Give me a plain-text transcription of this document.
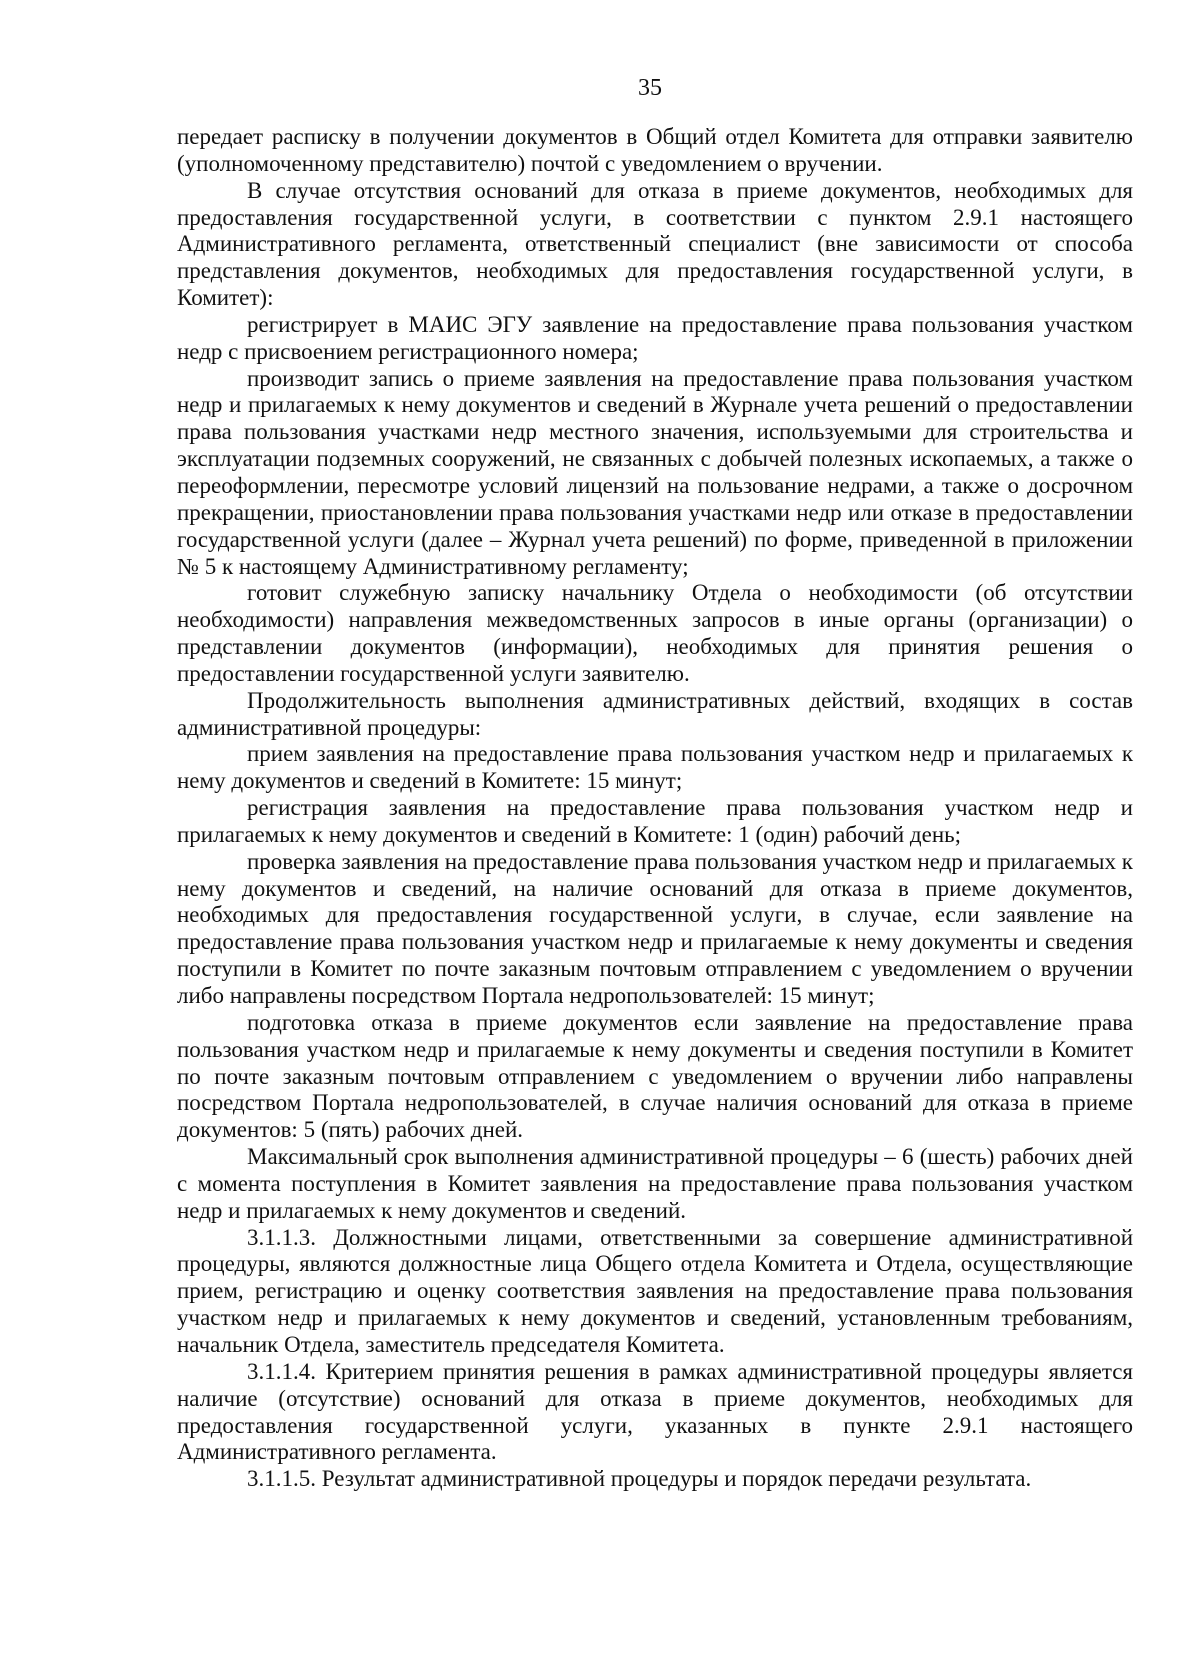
35

передает расписку в получении документов в Общий отдел Комитета для отправки заявителю (уполномоченному представителю) почтой с уведомлением о вручении.

В случае отсутствия оснований для отказа в приеме документов, необходимых для предоставления государственной услуги, в соответствии с пунктом 2.9.1 настоящего Административного регламента, ответственный специалист (вне зависимости от способа представления документов, необходимых для предоставления государственной услуги, в Комитет):

регистрирует в МАИС ЭГУ заявление на предоставление права пользования участком недр с присвоением регистрационного номера;

производит запись о приеме заявления на предоставление права пользования участком недр и прилагаемых к нему документов и сведений в Журнале учета решений о предоставлении права пользования участками недр местного значения, используемыми для строительства и эксплуатации подземных сооружений, не связанных с добычей полезных ископаемых, а также о переоформлении, пересмотре условий лицензий на пользование недрами, а также о досрочном прекращении, приостановлении права пользования участками недр или отказе в предоставлении государственной услуги (далее – Журнал учета решений) по форме, приведенной в приложении № 5 к настоящему Административному регламенту;

готовит служебную записку начальнику Отдела о необходимости (об отсутствии необходимости) направления межведомственных запросов в иные органы (организации) о представлении документов (информации), необходимых для принятия решения о предоставлении государственной услуги заявителю.

Продолжительность выполнения административных действий, входящих в состав административной процедуры:

прием заявления на предоставление права пользования участком недр и прилагаемых к нему документов и сведений в Комитете: 15 минут;

регистрация заявления на предоставление права пользования участком недр и прилагаемых к нему документов и сведений в Комитете: 1 (один) рабочий день;

проверка заявления на предоставление права пользования участком недр и прилагаемых к нему документов и сведений, на наличие оснований для отказа в приеме документов, необходимых для предоставления государственной услуги, в случае, если заявление на предоставление права пользования участком недр и прилагаемые к нему документы и сведения поступили в Комитет по почте заказным почтовым отправлением с уведомлением о вручении либо направлены посредством Портала недропользователей: 15 минут;

подготовка отказа в приеме документов если заявление на предоставление права пользования участком недр и прилагаемые к нему документы и сведения поступили в Комитет по почте заказным почтовым отправлением с уведомлением о вручении либо направлены посредством Портала недропользователей, в случае наличия оснований для отказа в приеме документов: 5 (пять) рабочих дней.

Максимальный срок выполнения административной процедуры – 6 (шесть) рабочих дней с момента поступления в Комитет заявления на предоставление права пользования участком недр и прилагаемых к нему документов и сведений.

3.1.1.3. Должностными лицами, ответственными за совершение административной процедуры, являются должностные лица Общего отдела Комитета и Отдела, осуществляющие прием, регистрацию и оценку соответствия заявления на предоставление права пользования участком недр и прилагаемых к нему документов и сведений, установленным требованиям, начальник Отдела, заместитель председателя Комитета.

3.1.1.4. Критерием принятия решения в рамках административной процедуры является наличие (отсутствие) оснований для отказа в приеме документов, необходимых для предоставления государственной услуги, указанных в пункте 2.9.1 настоящего Административного регламента.

3.1.1.5. Результат административной процедуры и порядок передачи результата.
